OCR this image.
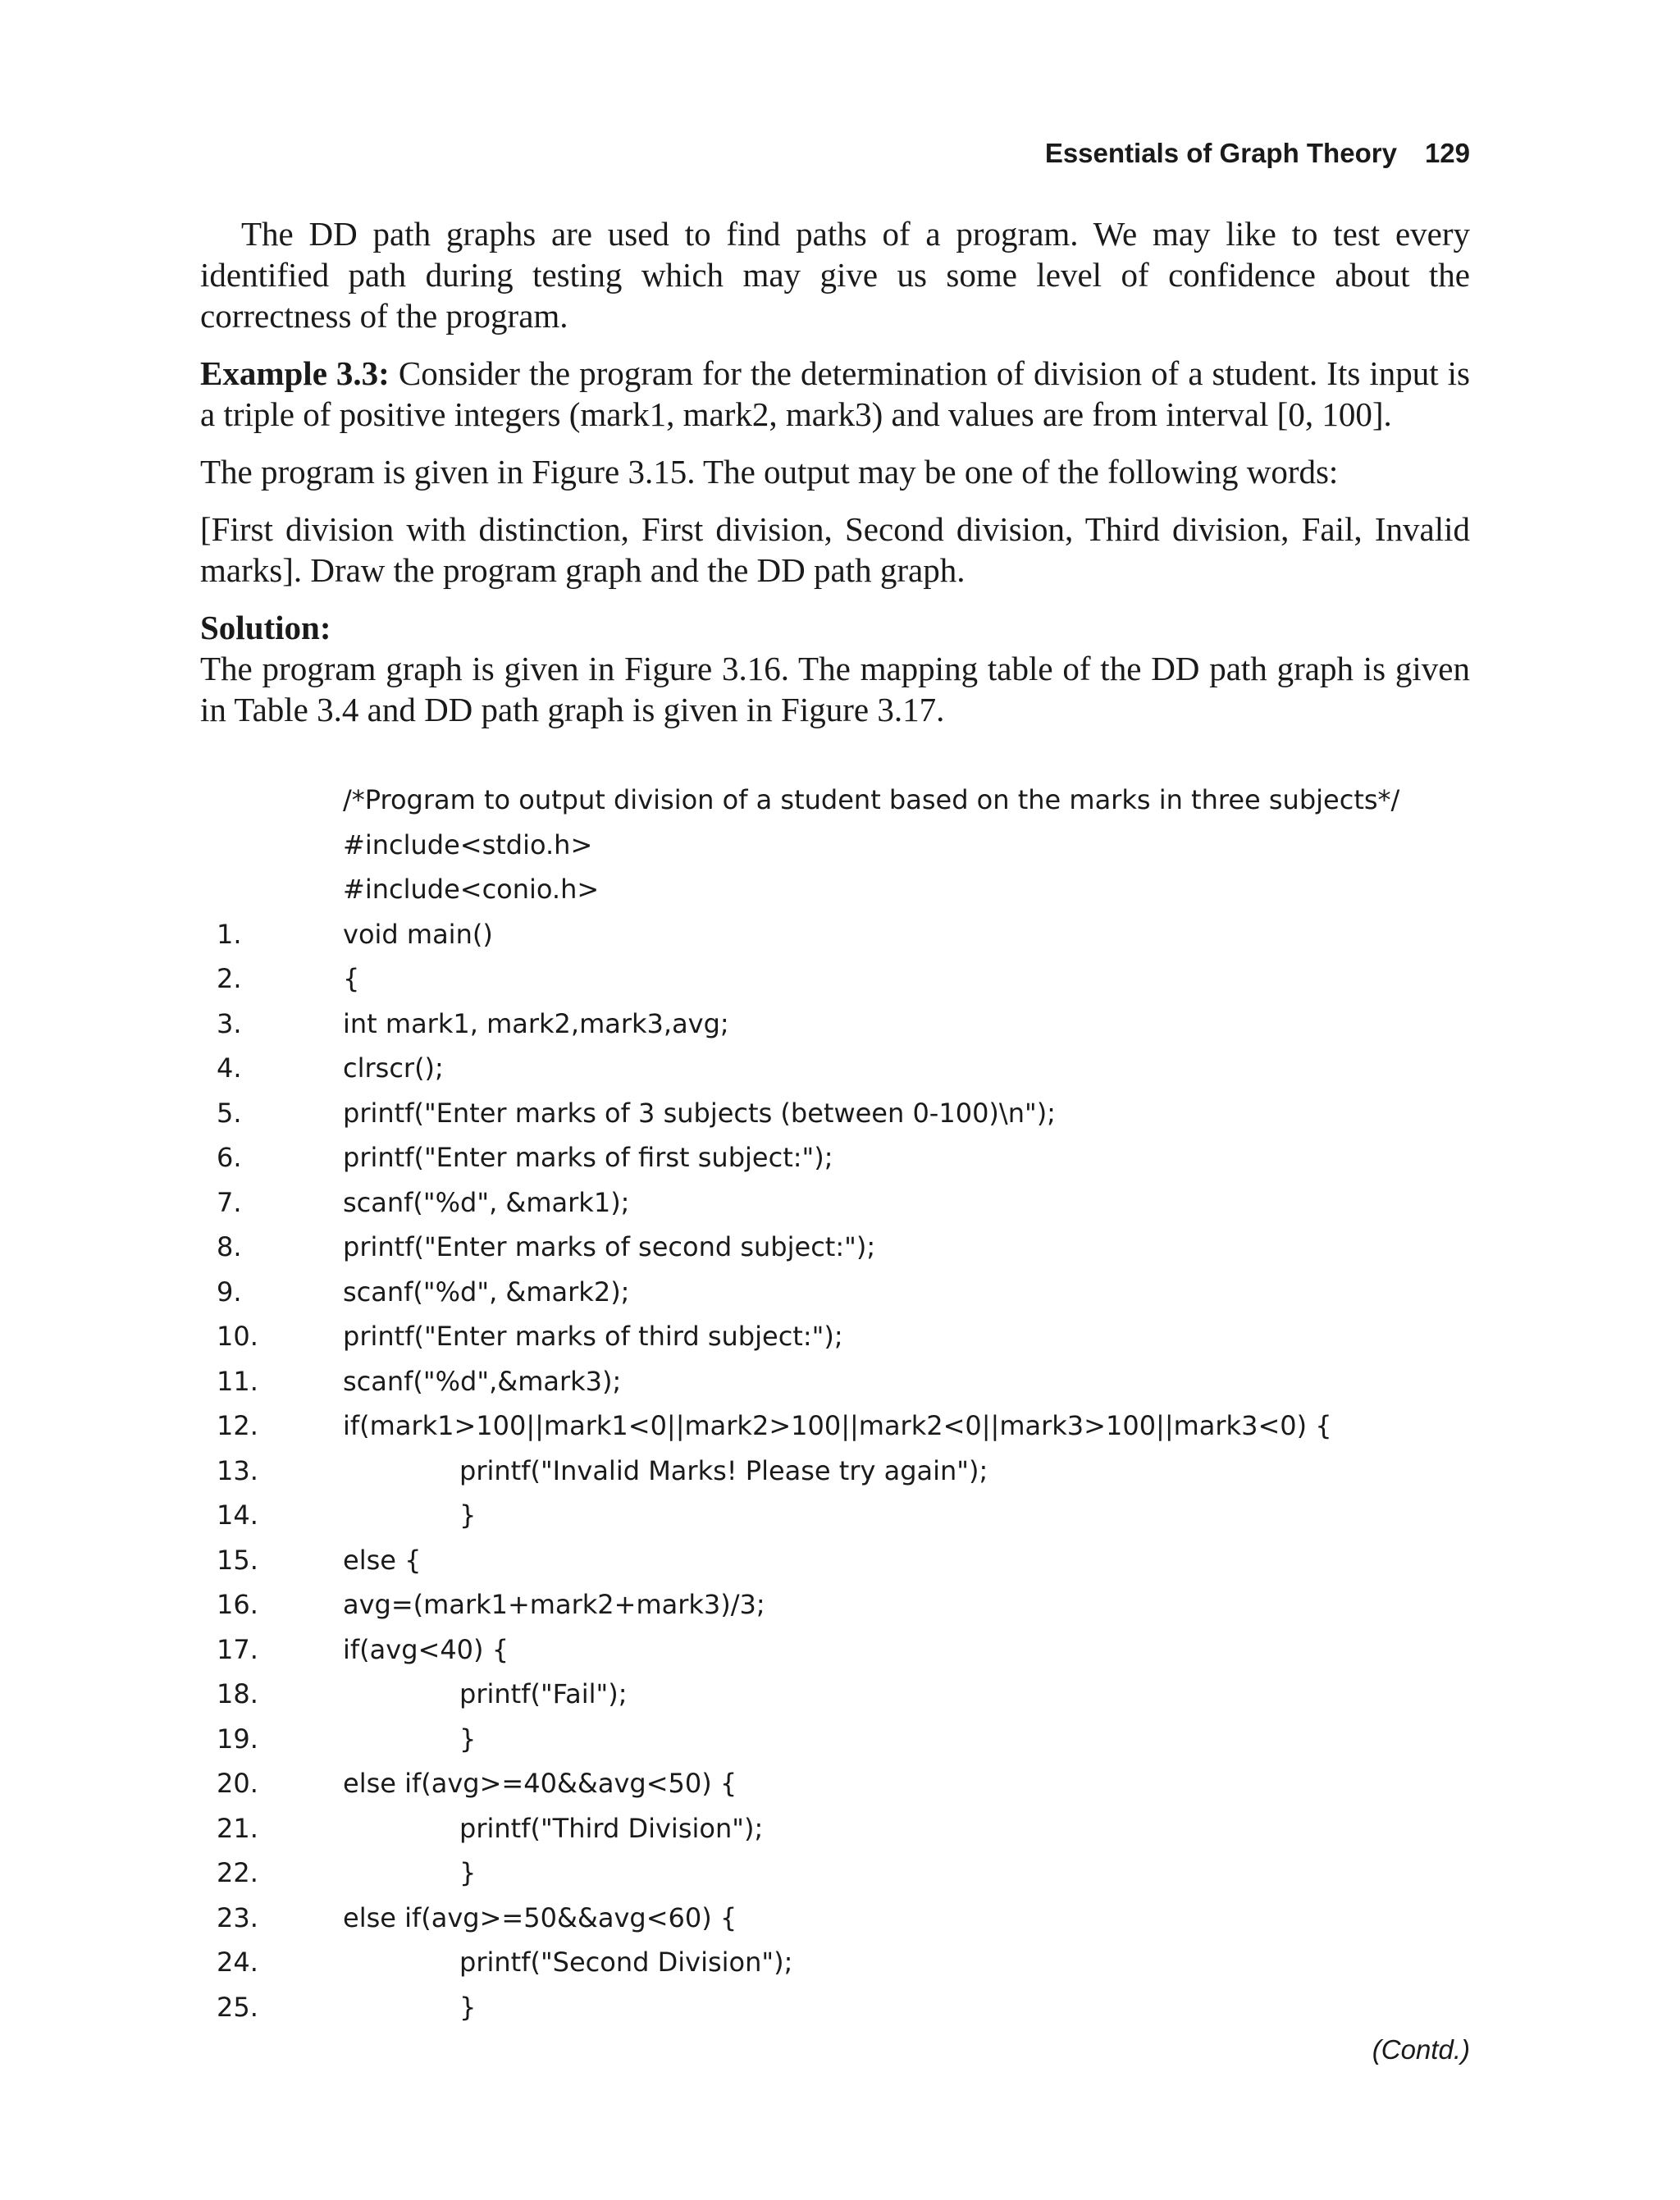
Essentials of Graph Theory 129

The DD path graphs are used to find paths of a program. We may like to test every identified path during testing which may give us some level of confidence about the correctness of the program.

Example 3.3: Consider the program for the determination of division of a student. Its input is a triple of positive integers (mark1, mark2, mark3) and values are from interval [0, 100].

The program is given in Figure 3.15. The output may be one of the following words:

[First division with distinction, First division, Second division, Third division, Fail, Invalid marks]. Draw the program graph and the DD path graph.

Solution:

The program graph is given in Figure 3.16. The mapping table of the DD path graph is given in Table 3.4 and DD path graph is given in Figure 3.17.

/*Program to output division of a student based on the marks in three subjects*/
#include<stdio.h>
#include<conio.h>
1.	void main()
2.	{
3.	int mark1, mark2,mark3,avg;
4.	clrscr();
5.	printf("Enter marks of 3 subjects (between 0-100)\n");
6.	printf("Enter marks of first subject:");
7.	scanf("%d", &mark1);
8.	printf("Enter marks of second subject:");
9.	scanf("%d", &mark2);
10.	printf("Enter marks of third subject:");
11.	scanf("%d",&mark3);
12.	if(mark1>100||mark1<0||mark2>100||mark2<0||mark3>100||mark3<0) {
13.	printf("Invalid Marks! Please try again");
14.	}
15.	else {
16.	avg=(mark1+mark2+mark3)/3;
17.	if(avg<40) {
18.	printf("Fail");
19.	}
20.	else if(avg>=40&&avg<50) {
21.	printf("Third Division");
22.	}
23.	else if(avg>=50&&avg<60) {
24.	printf("Second Division");
25.	}
(Contd.)
